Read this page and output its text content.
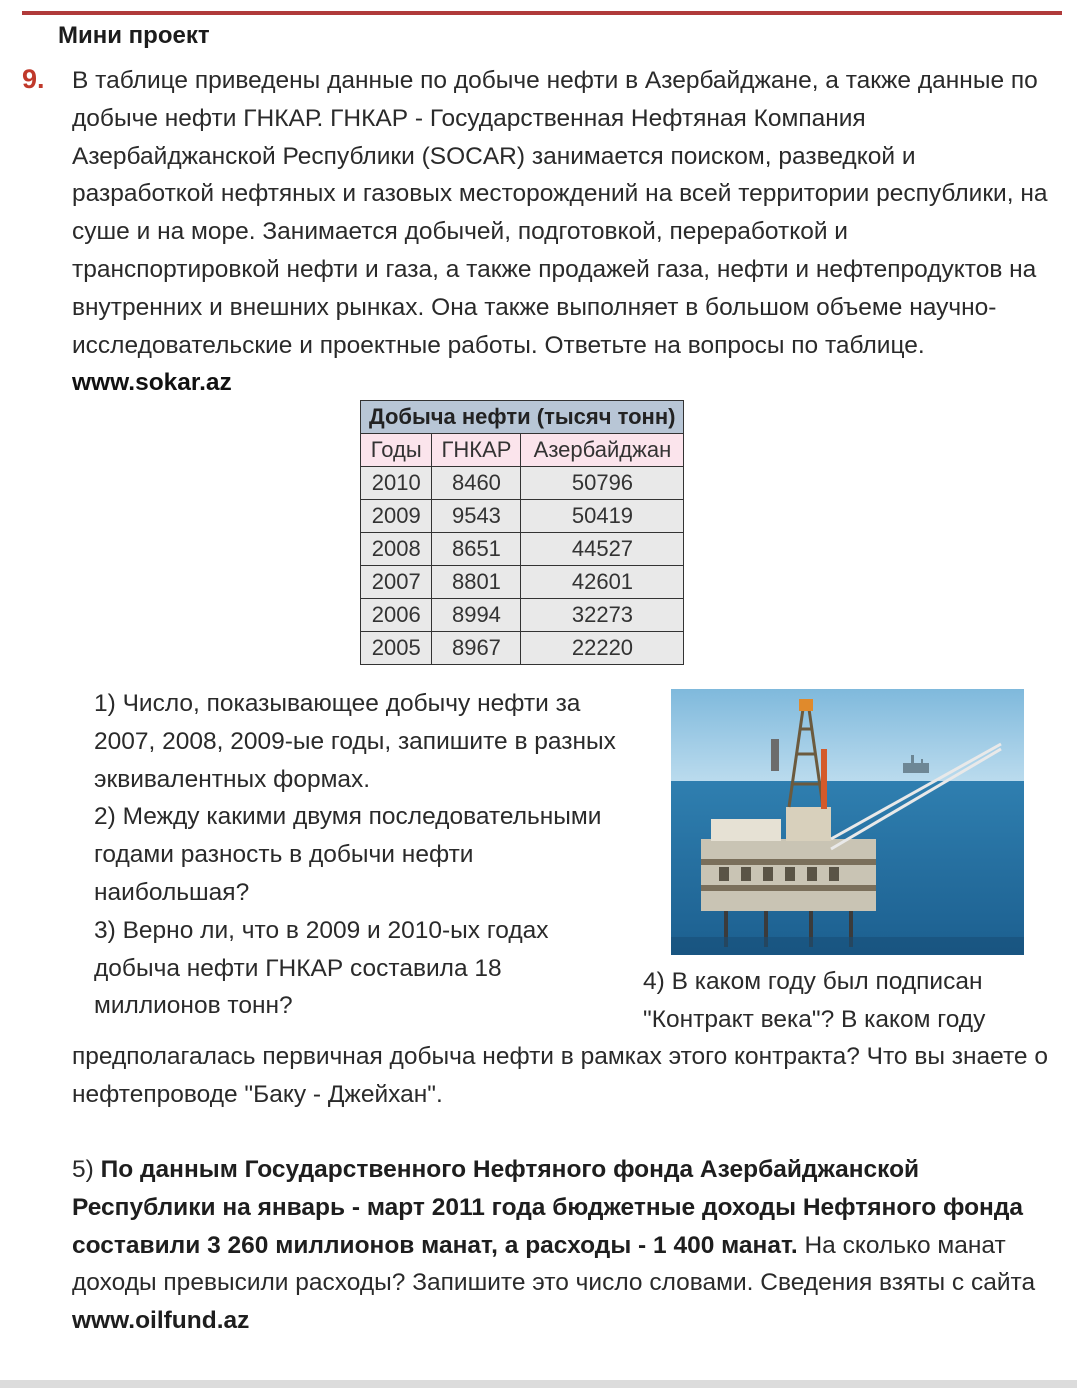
Мини проект
9. В таблице приведены данные по добыче нефти в Азербайджане, а также данные по добыче нефти ГНКАР. ГНКАР - Государственная Нефтяная Компания Азербайджанской Республики (SOCAR) занимается поиском, разведкой и разработкой нефтяных и газовых месторождений на всей территории республики, на суше и на море. Занимается добычей, подготовкой, переработкой и транспортировкой нефти и газа, а также продажей газа, нефти и нефтепродуктов на внутренних и внешних рынках. Она также выполняет в большом объеме научно-исследовательские и проектные работы. Ответьте на вопросы по таблице. www.sokar.az
Добыча нефти (тысяч тонн)		
Годы	ГНКАР	Азербайджан
2010	8460	50796
2009	9543	50419
2008	8651	44527
2007	8801	42601
2006	8994	32273
2005	8967	22220
1) Число, показывающее добычу нефти за 2007, 2008, 2009-ые годы, запишите в разных эквивалентных формах.
2) Между какими двумя последовательными годами разность в добычи нефти наибольшая?
3) Верно ли, что в 2009 и 2010-ых годах добыча нефти ГНКАР составила 18 миллионов тонн?
4) В каком году был подписан "Контракт века"? В каком году
предполагалась первичная добыча нефти в рамках этого контракта? Что вы знаете о нефтепроводе "Баку - Джейхан".
5) По данным Государственного Нефтяного фонда Азербайджанской Республики на январь - март 2011 года бюджетные доходы Нефтяного фонда составили 3 260 миллионов манат, а расходы - 1 400 манат. На сколько манат доходы превысили расходы? Запишите это число словами. Сведения взяты с сайта www.oilfund.az
